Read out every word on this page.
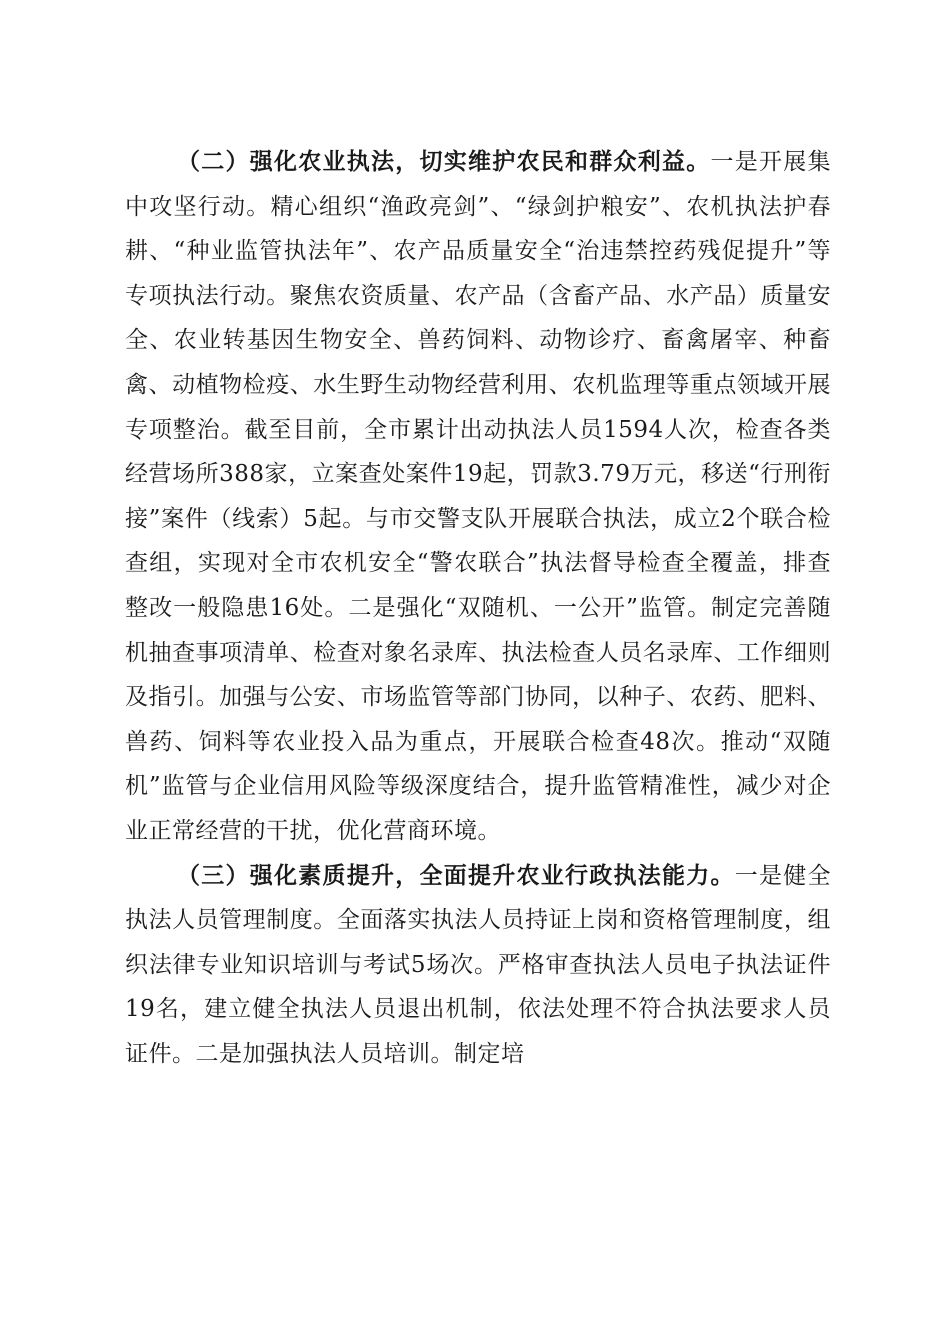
（二）强化农业执法，切实维护农民和群众利益。一是开展集中攻坚行动。精心组织“渔政亮剑”、“绿剑护粮安”、农机执法护春耕、“种业监管执法年”、农产品质量安全“治违禁控药残促提升”等专项执法行动。聚焦农资质量、农产品（含畜产品、水产品）质量安全、农业转基因生物安全、兽药饲料、动物诊疗、畜禽屠宰、种畜禽、动植物检疫、水生野生动物经营利用、农机监理等重点领域开展专项整治。截至目前，全市累计出动执法人员1594人次，检查各类经营场所388家，立案查处案件19起，罚款3.79万元，移送“行刑衔接”案件（线索）5起。与市交警支队开展联合执法，成立2个联合检查组，实现对全市农机安全“警农联合”执法督导检查全覆盖，排查整改一般隐患16处。二是强化“双随机、一公开”监管。制定完善随机抽查事项清单、检查对象名录库、执法检查人员名录库、工作细则及指引。加强与公安、市场监管等部门协同，以种子、农药、肥料、兽药、饲料等农业投入品为重点，开展联合检查48次。推动“双随机”监管与企业信用风险等级深度结合，提升监管精准性，减少对企业正常经营的干扰，优化营商环境。

（三）强化素质提升，全面提升农业行政执法能力。一是健全执法人员管理制度。全面落实执法人员持证上岗和资格管理制度，组织法律专业知识培训与考试5场次。严格审查执法人员电子执法证件19名，建立健全执法人员退出机制，依法处理不符合执法要求人员证件。二是加强执法人员培训。制定培
